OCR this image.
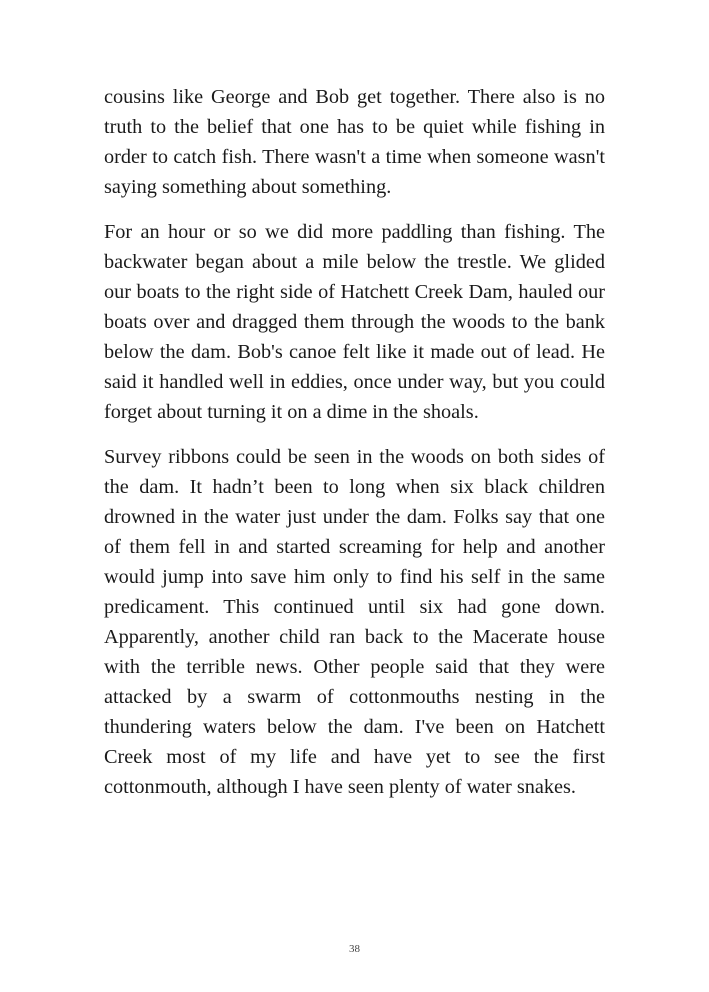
cousins like George and Bob get together. There also is no truth to the belief that one has to be quiet while fishing in order to catch fish. There wasn't a time when someone wasn't saying something about something.

For an hour or so we did more paddling than fishing. The backwater began about a mile below the trestle. We glided our boats to the right side of Hatchett Creek Dam, hauled our boats over and dragged them through the woods to the bank below the dam. Bob's canoe felt like it made out of lead. He said it handled well in eddies, once under way, but you could forget about turning it on a dime in the shoals.

Survey ribbons could be seen in the woods on both sides of the dam. It hadn’t been to long when six black children drowned in the water just under the dam. Folks say that one of them fell in and started screaming for help and another would jump into save him only to find his self in the same predicament. This continued until six had gone down. Apparently, another child ran back to the Macerate house with the terrible news. Other people said that they were attacked by a swarm of cottonmouths nesting in the thundering waters below the dam. I've been on Hatchett Creek most of my life and have yet to see the first cottonmouth, although I have seen plenty of water snakes.

38
